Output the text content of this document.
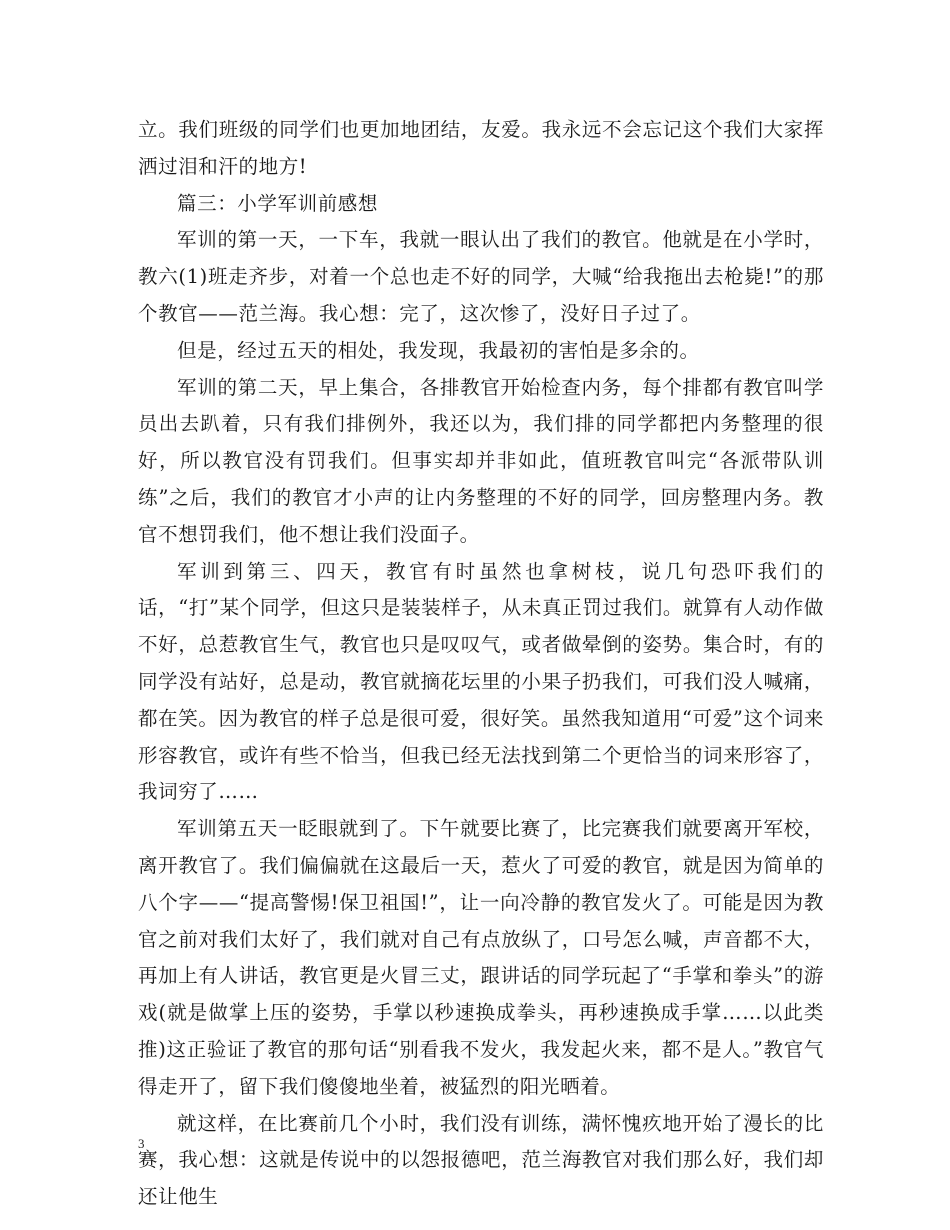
立。我们班级的同学们也更加地团结，友爱。我永远不会忘记这个我们大家挥洒过泪和汗的地方!

篇三：小学军训前感想

军训的第一天，一下车，我就一眼认出了我们的教官。他就是在小学时，教六(1)班走齐步，对着一个总也走不好的同学，大喊“给我拖出去枪毙!”的那个教官——范兰海。我心想：完了，这次惨了，没好日子过了。

但是，经过五天的相处，我发现，我最初的害怕是多余的。

军训的第二天，早上集合，各排教官开始检查内务，每个排都有教官叫学员出去趴着，只有我们排例外，我还以为，我们排的同学都把内务整理的很好，所以教官没有罚我们。但事实却并非如此，值班教官叫完“各派带队训练”之后，我们的教官才小声的让内务整理的不好的同学，回房整理内务。教官不想罚我们，他不想让我们没面子。

军训到第三、四天，教官有时虽然也拿树枝，说几句恐吓我们的话，“打”某个同学，但这只是装装样子，从未真正罚过我们。就算有人动作做不好，总惹教官生气，教官也只是叹叹气，或者做晕倒的姿势。集合时，有的同学没有站好，总是动，教官就摘花坛里的小果子扔我们，可我们没人喊痛，都在笑。因为教官的样子总是很可爱，很好笑。虽然我知道用“可爱”这个词来形容教官，或许有些不恰当，但我已经无法找到第二个更恰当的词来形容了，我词穷了……

军训第五天一眨眼就到了。下午就要比赛了，比完赛我们就要离开军校，离开教官了。我们偏偏就在这最后一天，惹火了可爱的教官，就是因为简单的八个字——“提高警惕!保卫祖国!”，让一向冷静的教官发火了。可能是因为教官之前对我们太好了，我们就对自己有点放纵了，口号怎么喊，声音都不大，再加上有人讲话，教官更是火冒三丈，跟讲话的同学玩起了“手掌和拳头”的游戏(就是做掌上压的姿势，手掌以秒速换成拳头，再秒速换成手掌……以此类推)这正验证了教官的那句话“别看我不发火，我发起火来，都不是人。”教官气得走开了，留下我们傻傻地坐着，被猛烈的阳光晒着。

就这样，在比赛前几个小时，我们没有训练，满怀愧疚地开始了漫长的比赛，我心想：这就是传说中的以怨报德吧，范兰海教官对我们那么好，我们却还让他生

3
